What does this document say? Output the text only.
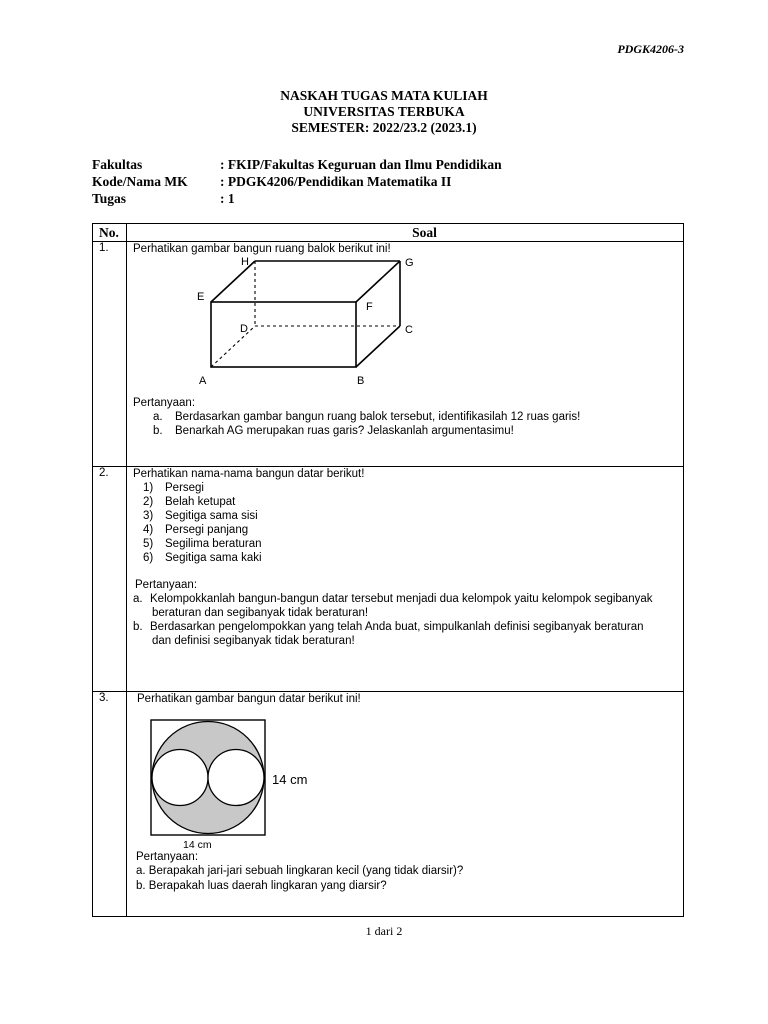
PDGK4206-3
NASKAH TUGAS MATA KULIAH
UNIVERSITAS TERBUKA
SEMESTER: 2022/23.2 (2023.1)
Fakultas	: FKIP/Fakultas Keguruan dan Ilmu Pendidikan
Kode/Nama MK	: PDGK4206/Pendidikan Matematika II
Tugas	: 1
No.	Soal
1. Perhatikan gambar bangun ruang balok berikut ini!

H	G
E
F
D	C
A	B

Pertanyaan:

a.	Berdasarkan gambar bangun ruang balok tersebut, identifikasilah 12 ruas garis!
b.	Benarkah AG merupakan ruas garis? Jelaskanlah argumentasimu!
2. Perhatikan nama-nama bangun datar berikut!

1)	Persegi
2)	Belah ketupat
3)	Segitiga sama sisi
4)	Persegi panjang
5)	Segilima beraturan
6)	Segitiga sama kaki

Pertanyaan:

a. Kelompokkanlah bangun-bangun datar tersebut menjadi dua kelompok yaitu kelompok segibanyak
beraturan dan segibanyak tidak beraturan!
b. Berdasarkan pengelompokkan yang telah Anda buat, simpulkanlah definisi segibanyak beraturan
dan definisi segibanyak tidak beraturan!
3. Perhatikan gambar bangun datar berikut ini!

14 cm
14 cm

Pertanyaan:

a. Berapakah jari-jari sebuah lingkaran kecil (yang tidak diarsir)?

b. Berapakah luas daerah lingkaran yang diarsir?

1 dari 2
